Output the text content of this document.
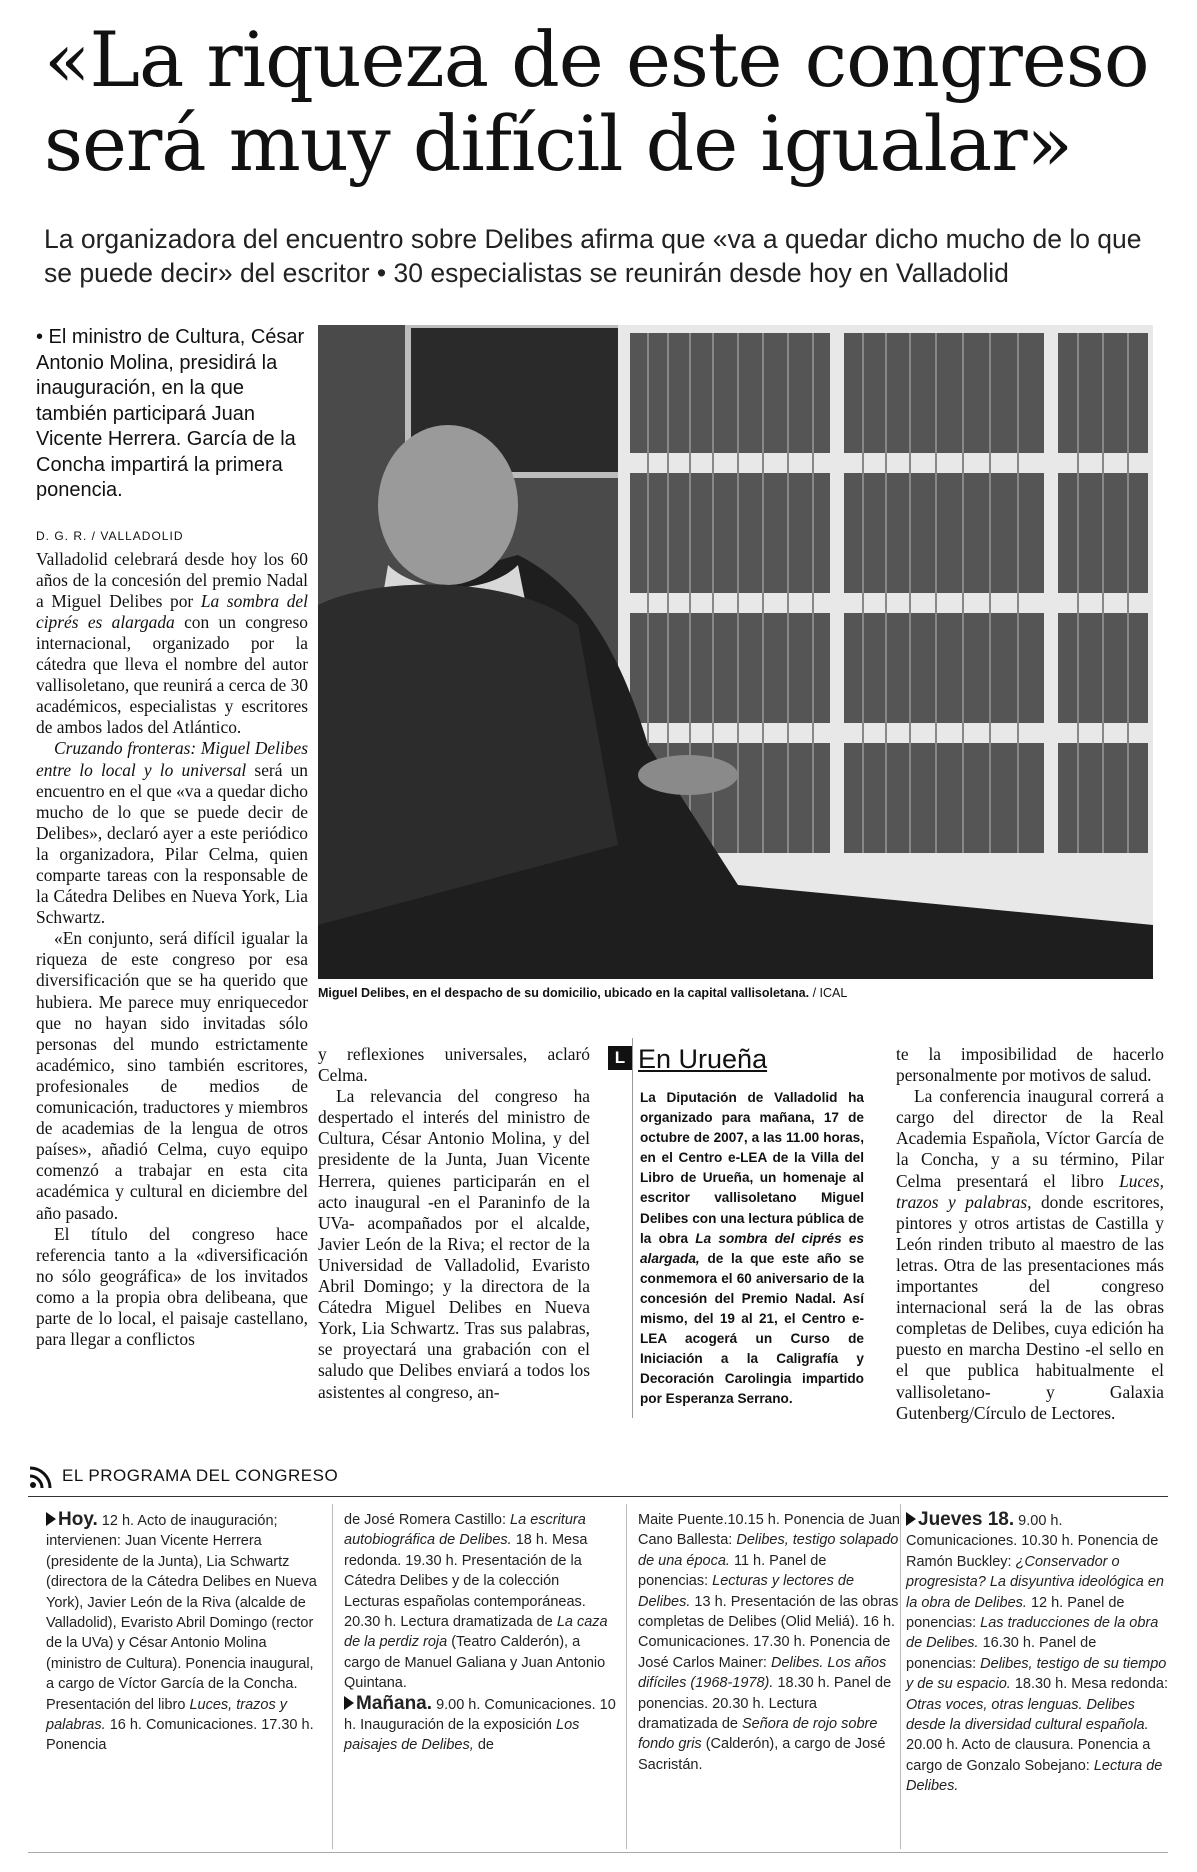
«La riqueza de este congreso será muy difícil de igualar»

La organizadora del encuentro sobre Delibes afirma que «va a quedar dicho mucho de lo que se puede decir» del escritor • 30 especialistas se reunirán desde hoy en Valladolid

• El ministro de Cultura, César Antonio Molina, presidirá la inauguración, en la que también participará Juan Vicente Herrera. García de la Concha impartirá la primera ponencia.
D. G. R. / VALLADOLID

Valladolid celebrará desde hoy los 60 años de la concesión del premio Nadal a Miguel Delibes por La sombra del ciprés es alargada con un congreso internacional, organizado por la cátedra que lleva el nombre del autor vallisoletano, que reunirá a cerca de 30 académicos, especialistas y escritores de ambos lados del Atlántico.

Cruzando fronteras: Miguel Delibes entre lo local y lo universal será un encuentro en el que «va a quedar dicho mucho de lo que se puede decir de Delibes», declaró ayer a este periódico la organizadora, Pilar Celma, quien comparte tareas con la responsable de la Cátedra Delibes en Nueva York, Lia Schwartz.

«En conjunto, será difícil igualar la riqueza de este congreso por esa diversificación que se ha querido que hubiera. Me parece muy enriquecedor que no hayan sido invitadas sólo personas del mundo estrictamente académico, sino también escritores, profesionales de medios de comunicación, traductores y miembros de academias de la lengua de otros países», añadió Celma, cuyo equipo comenzó a trabajar en esta cita académica y cultural en diciembre del año pasado.

El título del congreso hace referencia tanto a la «diversificación no sólo geográfica» de los invitados como a la propia obra delibeana, que parte de lo local, el paisaje castellano, para llegar a conflictos

Miguel Delibes, en el despacho de su domicilio, ubicado en la capital vallisoletana. / ICAL

y reflexiones universales, aclaró Celma.

La relevancia del congreso ha despertado el interés del ministro de Cultura, César Antonio Molina, y del presidente de la Junta, Juan Vicente Herrera, quienes participarán en el acto inaugural -en el Paraninfo de la UVa- acompañados por el alcalde, Javier León de la Riva; el rector de la Universidad de Valladolid, Evaristo Abril Domingo; y la directora de la Cátedra Miguel Delibes en Nueva York, Lia Schwartz. Tras sus palabras, se proyectará una grabación con el saludo que Delibes enviará a todos los asistentes al congreso, an-

L En Urueña
La Diputación de Valladolid ha organizado para mañana, 17 de octubre de 2007, a las 11.00 horas, en el Centro e-LEA de la Villa del Libro de Urueña, un homenaje al escritor vallisoletano Miguel Delibes con una lectura pública de la obra La sombra del ciprés es alargada, de la que este año se conmemora el 60 aniversario de la concesión del Premio Nadal. Así mismo, del 19 al 21, el Centro e-LEA acogerá un Curso de Iniciación a la Caligrafía y Decoración Carolingia impartido por Esperanza Serrano.

te la imposibilidad de hacerlo personalmente por motivos de salud.

La conferencia inaugural correrá a cargo del director de la Real Academia Española, Víctor García de la Concha, y a su término, Pilar Celma presentará el libro Luces, trazos y palabras, donde escritores, pintores y otros artistas de Castilla y León rinden tributo al maestro de las letras. Otra de las presentaciones más importantes del congreso internacional será la de las obras completas de Delibes, cuya edición ha puesto en marcha Destino -el sello en el que publica habitualmente el vallisoletano- y Galaxia Gutenberg/Círculo de Lectores.

EL PROGRAMA DEL CONGRESO

Hoy. 12 h. Acto de inauguración; intervienen: Juan Vicente Herrera (presidente de la Junta), Lia Schwartz (directora de la Cátedra Delibes en Nueva York), Javier León de la Riva (alcalde de Valladolid), Evaristo Abril Domingo (rector de la UVa) y César Antonio Molina (ministro de Cultura). Ponencia inaugural, a cargo de Víctor García de la Concha. Presentación del libro Luces, trazos y palabras. 16 h. Comunicaciones. 17.30 h. Ponencia

de José Romera Castillo: La escritura autobiográfica de Delibes. 18 h. Mesa redonda. 19.30 h. Presentación de la Cátedra Delibes y de la colección Lecturas españolas contemporáneas. 20.30 h. Lectura dramatizada de La caza de la perdiz roja (Teatro Calderón), a cargo de Manuel Galiana y Juan Antonio Quintana.

Mañana. 9.00 h. Comunicaciones. 10 h. Inauguración de la exposición Los paisajes de Delibes, de

Maite Puente.10.15 h. Ponencia de Juan Cano Ballesta: Delibes, testigo solapado de una época. 11 h. Panel de ponencias: Lecturas y lectores de Delibes. 13 h. Presentación de las obras completas de Delibes (Olid Meliá). 16 h. Comunicaciones. 17.30 h. Ponencia de José Carlos Mainer: Delibes. Los años difíciles (1968-1978). 18.30 h. Panel de ponencias. 20.30 h. Lectura dramatizada de Señora de rojo sobre fondo gris (Calderón), a cargo de José Sacristán.

Jueves 18. 9.00 h. Comunicaciones. 10.30 h. Ponencia de Ramón Buckley: ¿Conservador o progresista? La disyuntiva ideológica en la obra de Delibes. 12 h. Panel de ponencias: Las traducciones de la obra de Delibes. 16.30 h. Panel de ponencias: Delibes, testigo de su tiempo y de su espacio. 18.30 h. Mesa redonda: Otras voces, otras lenguas. Delibes desde la diversidad cultural española. 20.00 h. Acto de clausura. Ponencia a cargo de Gonzalo Sobejano: Lectura de Delibes.
